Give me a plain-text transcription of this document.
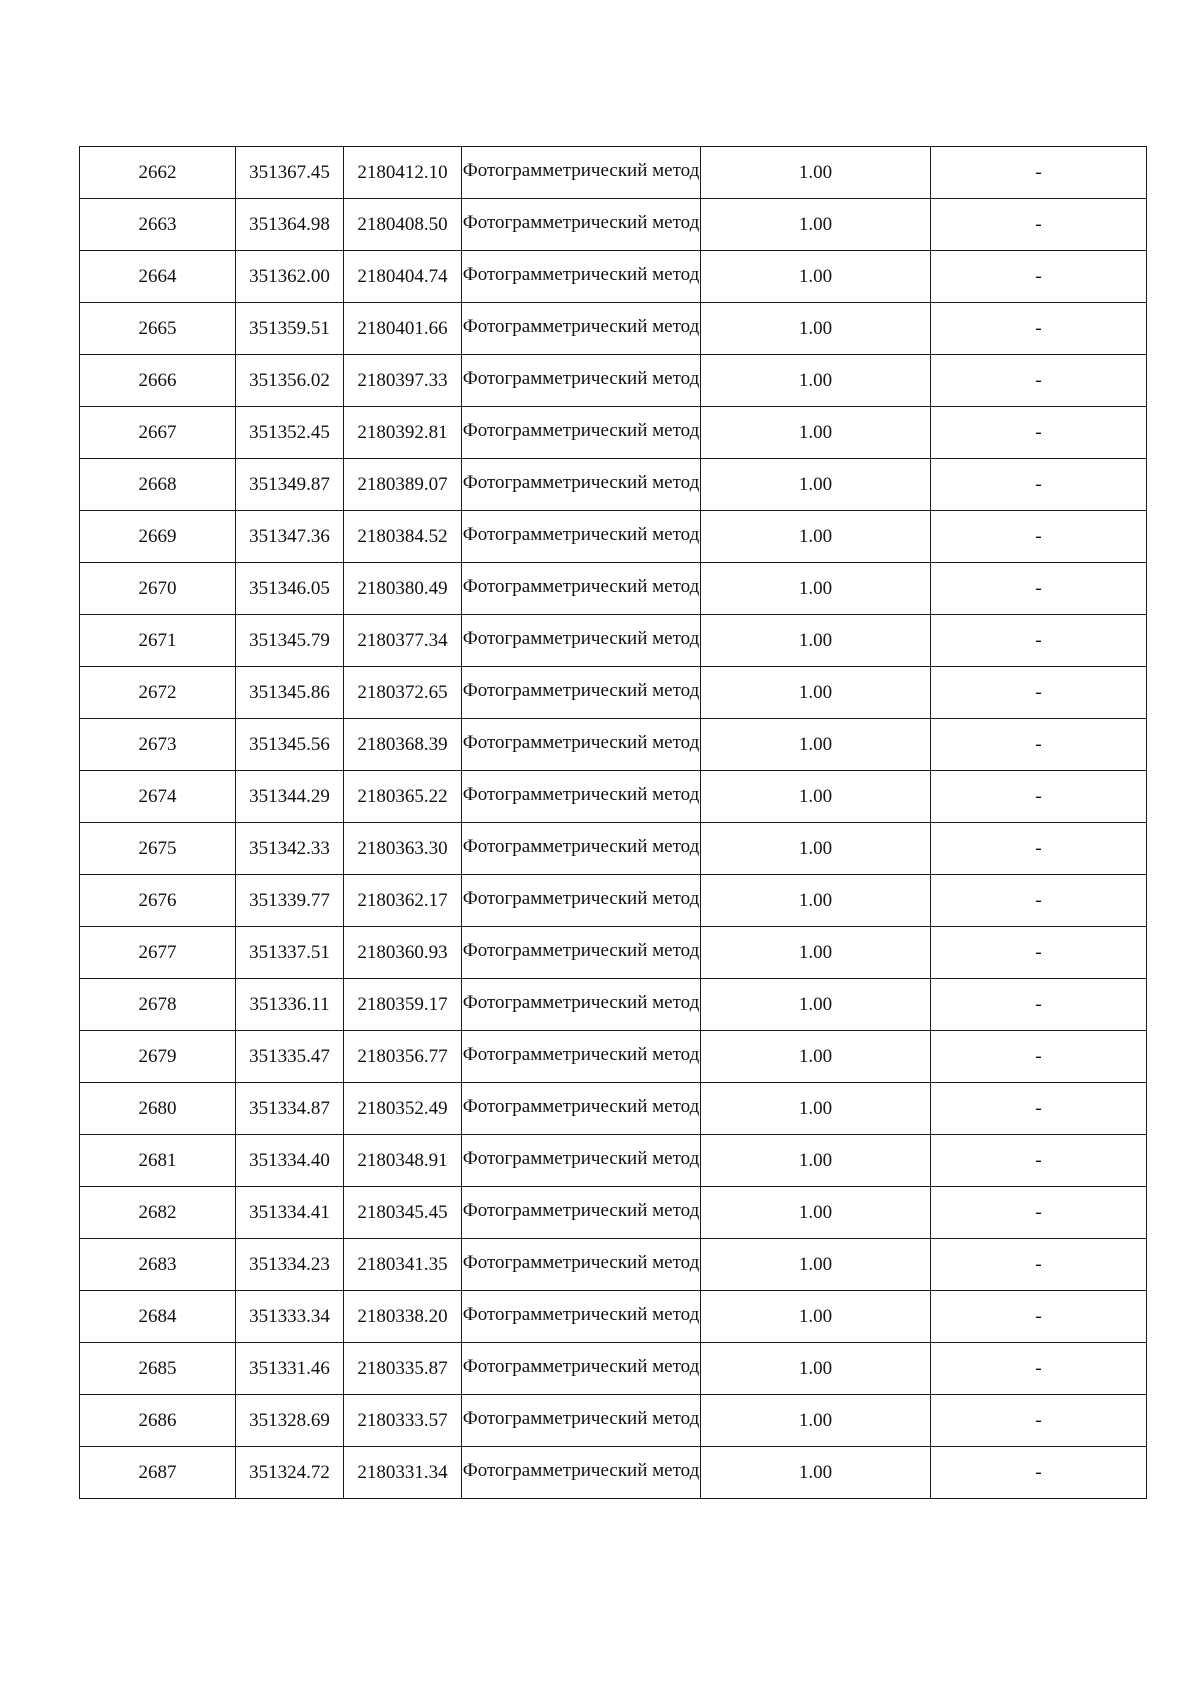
2662	351367.45	2180412.10	Фотограмметрический метод	1.00	-
2663	351364.98	2180408.50	Фотограмметрический метод	1.00	-
2664	351362.00	2180404.74	Фотограмметрический метод	1.00	-
2665	351359.51	2180401.66	Фотограмметрический метод	1.00	-
2666	351356.02	2180397.33	Фотограмметрический метод	1.00	-
2667	351352.45	2180392.81	Фотограмметрический метод	1.00	-
2668	351349.87	2180389.07	Фотограмметрический метод	1.00	-
2669	351347.36	2180384.52	Фотограмметрический метод	1.00	-
2670	351346.05	2180380.49	Фотограмметрический метод	1.00	-
2671	351345.79	2180377.34	Фотограмметрический метод	1.00	-
2672	351345.86	2180372.65	Фотограмметрический метод	1.00	-
2673	351345.56	2180368.39	Фотограмметрический метод	1.00	-
2674	351344.29	2180365.22	Фотограмметрический метод	1.00	-
2675	351342.33	2180363.30	Фотограмметрический метод	1.00	-
2676	351339.77	2180362.17	Фотограмметрический метод	1.00	-
2677	351337.51	2180360.93	Фотограмметрический метод	1.00	-
2678	351336.11	2180359.17	Фотограмметрический метод	1.00	-
2679	351335.47	2180356.77	Фотограмметрический метод	1.00	-
2680	351334.87	2180352.49	Фотограмметрический метод	1.00	-
2681	351334.40	2180348.91	Фотограмметрический метод	1.00	-
2682	351334.41	2180345.45	Фотограмметрический метод	1.00	-
2683	351334.23	2180341.35	Фотограмметрический метод	1.00	-
2684	351333.34	2180338.20	Фотограмметрический метод	1.00	-
2685	351331.46	2180335.87	Фотограмметрический метод	1.00	-
2686	351328.69	2180333.57	Фотограмметрический метод	1.00	-
2687	351324.72	2180331.34	Фотограмметрический метод	1.00	-
